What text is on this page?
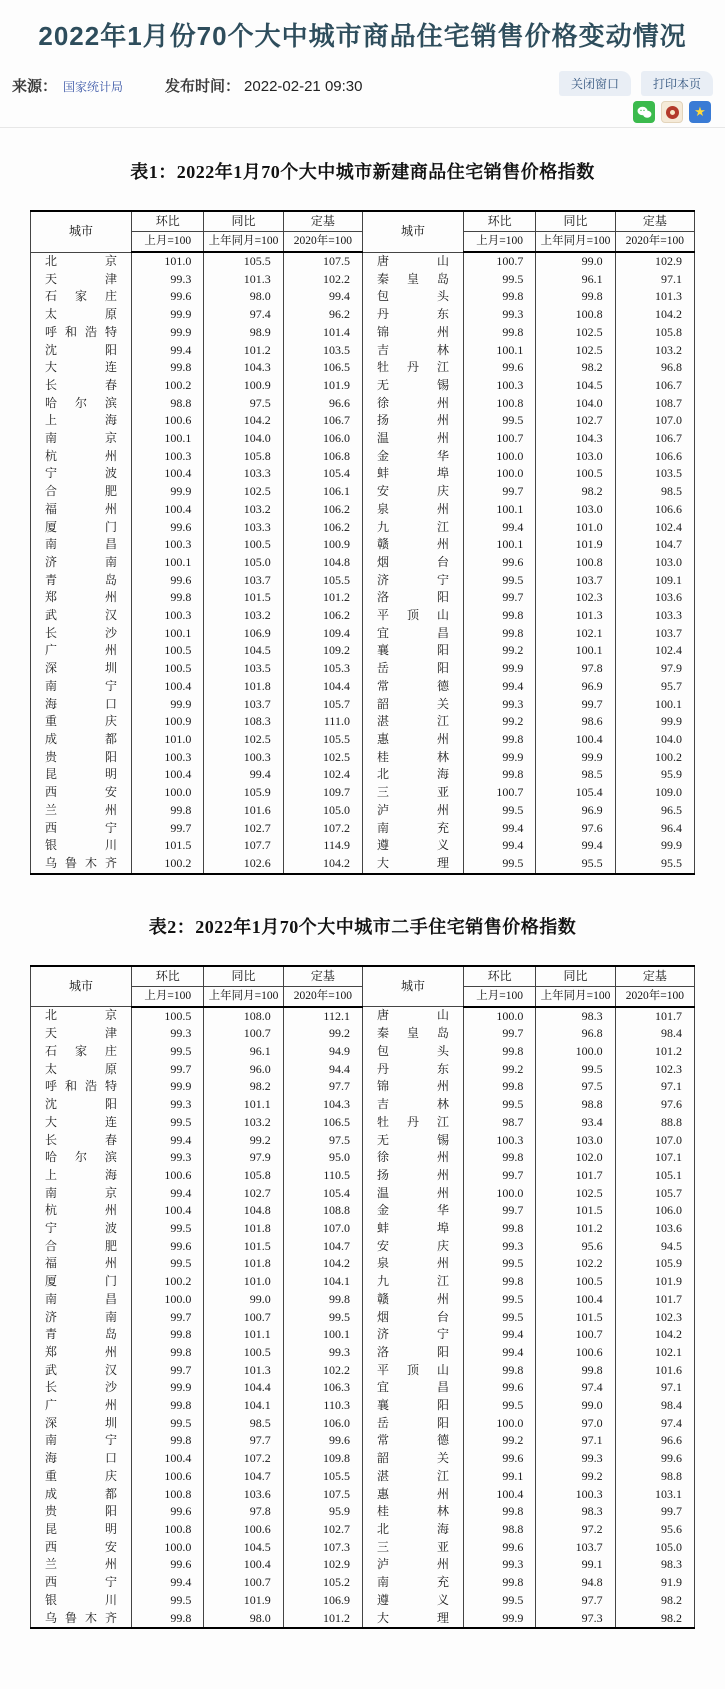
2022年1月份70个大中城市商品住宅销售价格变动情况
来源： 国家统计局	发布时间： 2022-02-21 09:30	关闭窗口	打印本页
★
表1：2022年1月70个大中城市新建商品住宅销售价格指数
城市	环比	同比	定基	城市	环比	同比	定基
	上月=100	上年同月=100	2020年=100		上月=100	上年同月=100	2020年=100
北京	101.0	105.5	107.5	唐山	100.7	99.0	102.9
天津	99.3	101.3	102.2	秦皇岛	99.5	96.1	97.1
石家庄	99.6	98.0	99.4	包头	99.8	99.8	101.3
太原	99.9	97.4	96.2	丹东	99.3	100.8	104.2
呼和浩特	99.9	98.9	101.4	锦州	99.8	102.5	105.8
沈阳	99.4	101.2	103.5	吉林	100.1	102.5	103.2
大连	99.8	104.3	106.5	牡丹江	99.6	98.2	96.8
长春	100.2	100.9	101.9	无锡	100.3	104.5	106.7
哈尔滨	98.8	97.5	96.6	徐州	100.8	104.0	108.7
上海	100.6	104.2	106.7	扬州	99.5	102.7	107.0
南京	100.1	104.0	106.0	温州	100.7	104.3	106.7
杭州	100.3	105.8	106.8	金华	100.0	103.0	106.6
宁波	100.4	103.3	105.4	蚌埠	100.0	100.5	103.5
合肥	99.9	102.5	106.1	安庆	99.7	98.2	98.5
福州	100.4	103.2	106.2	泉州	100.1	103.0	106.6
厦门	99.6	103.3	106.2	九江	99.4	101.0	102.4
南昌	100.3	100.5	100.9	赣州	100.1	101.9	104.7
济南	100.1	105.0	104.8	烟台	99.6	100.8	103.0
青岛	99.6	103.7	105.5	济宁	99.5	103.7	109.1
郑州	99.8	101.5	101.2	洛阳	99.7	102.3	103.6
武汉	100.3	103.2	106.2	平顶山	99.8	101.3	103.3
长沙	100.1	106.9	109.4	宜昌	99.8	102.1	103.7
广州	100.5	104.5	109.2	襄阳	99.2	100.1	102.4
深圳	100.5	103.5	105.3	岳阳	99.9	97.8	97.9
南宁	100.4	101.8	104.4	常德	99.4	96.9	95.7
海口	99.9	103.7	105.7	韶关	99.3	99.7	100.1
重庆	100.9	108.3	111.0	湛江	99.2	98.6	99.9
成都	101.0	102.5	105.5	惠州	99.8	100.4	104.0
贵阳	100.3	100.3	102.5	桂林	99.9	99.9	100.2
昆明	100.4	99.4	102.4	北海	99.8	98.5	95.9
西安	100.0	105.9	109.7	三亚	100.7	105.4	109.0
兰州	99.8	101.6	105.0	泸州	99.5	96.9	96.5
西宁	99.7	102.7	107.2	南充	99.4	97.6	96.4
银川	101.5	107.7	114.9	遵义	99.4	99.4	99.9
乌鲁木齐	100.2	102.6	104.2	大理	99.5	95.5	95.5
表2：2022年1月70个大中城市二手住宅销售价格指数
城市	环比	同比	定基	城市	环比	同比	定基
	上月=100	上年同月=100	2020年=100		上月=100	上年同月=100	2020年=100
北京	100.5	108.0	112.1	唐山	100.0	98.3	101.7
天津	99.3	100.7	99.2	秦皇岛	99.7	96.8	98.4
石家庄	99.5	96.1	94.9	包头	99.8	100.0	101.2
太原	99.7	96.0	94.4	丹东	99.2	99.5	102.3
呼和浩特	99.9	98.2	97.7	锦州	99.8	97.5	97.1
沈阳	99.3	101.1	104.3	吉林	99.5	98.8	97.6
大连	99.5	103.2	106.5	牡丹江	98.7	93.4	88.8
长春	99.4	99.2	97.5	无锡	100.3	103.0	107.0
哈尔滨	99.3	97.9	95.0	徐州	99.8	102.0	107.1
上海	100.6	105.8	110.5	扬州	99.7	101.7	105.1
南京	99.4	102.7	105.4	温州	100.0	102.5	105.7
杭州	100.4	104.8	108.8	金华	99.7	101.5	106.0
宁波	99.5	101.8	107.0	蚌埠	99.8	101.2	103.6
合肥	99.6	101.5	104.7	安庆	99.3	95.6	94.5
福州	99.5	101.8	104.2	泉州	99.5	102.2	105.9
厦门	100.2	101.0	104.1	九江	99.8	100.5	101.9
南昌	100.0	99.0	99.8	赣州	99.5	100.4	101.7
济南	99.7	100.7	99.5	烟台	99.5	101.5	102.3
青岛	99.8	101.1	100.1	济宁	99.4	100.7	104.2
郑州	99.8	100.5	99.3	洛阳	99.4	100.6	102.1
武汉	99.7	101.3	102.2	平顶山	99.8	99.8	101.6
长沙	99.9	104.4	106.3	宜昌	99.6	97.4	97.1
广州	99.8	104.1	110.3	襄阳	99.5	99.0	98.4
深圳	99.5	98.5	106.0	岳阳	100.0	97.0	97.4
南宁	99.8	97.7	99.6	常德	99.2	97.1	96.6
海口	100.4	107.2	109.8	韶关	99.6	99.3	99.6
重庆	100.6	104.7	105.5	湛江	99.1	99.2	98.8
成都	100.8	103.6	107.5	惠州	100.4	100.3	103.1
贵阳	99.6	97.8	95.9	桂林	99.8	98.3	99.7
昆明	100.8	100.6	102.7	北海	98.8	97.2	95.6
西安	100.0	104.5	107.3	三亚	99.6	103.7	105.0
兰州	99.6	100.4	102.9	泸州	99.3	99.1	98.3
西宁	99.4	100.7	105.2	南充	99.8	94.8	91.9
银川	99.5	101.9	106.9	遵义	99.5	97.7	98.2
乌鲁木齐	99.8	98.0	101.2	大理	99.9	97.3	98.2
